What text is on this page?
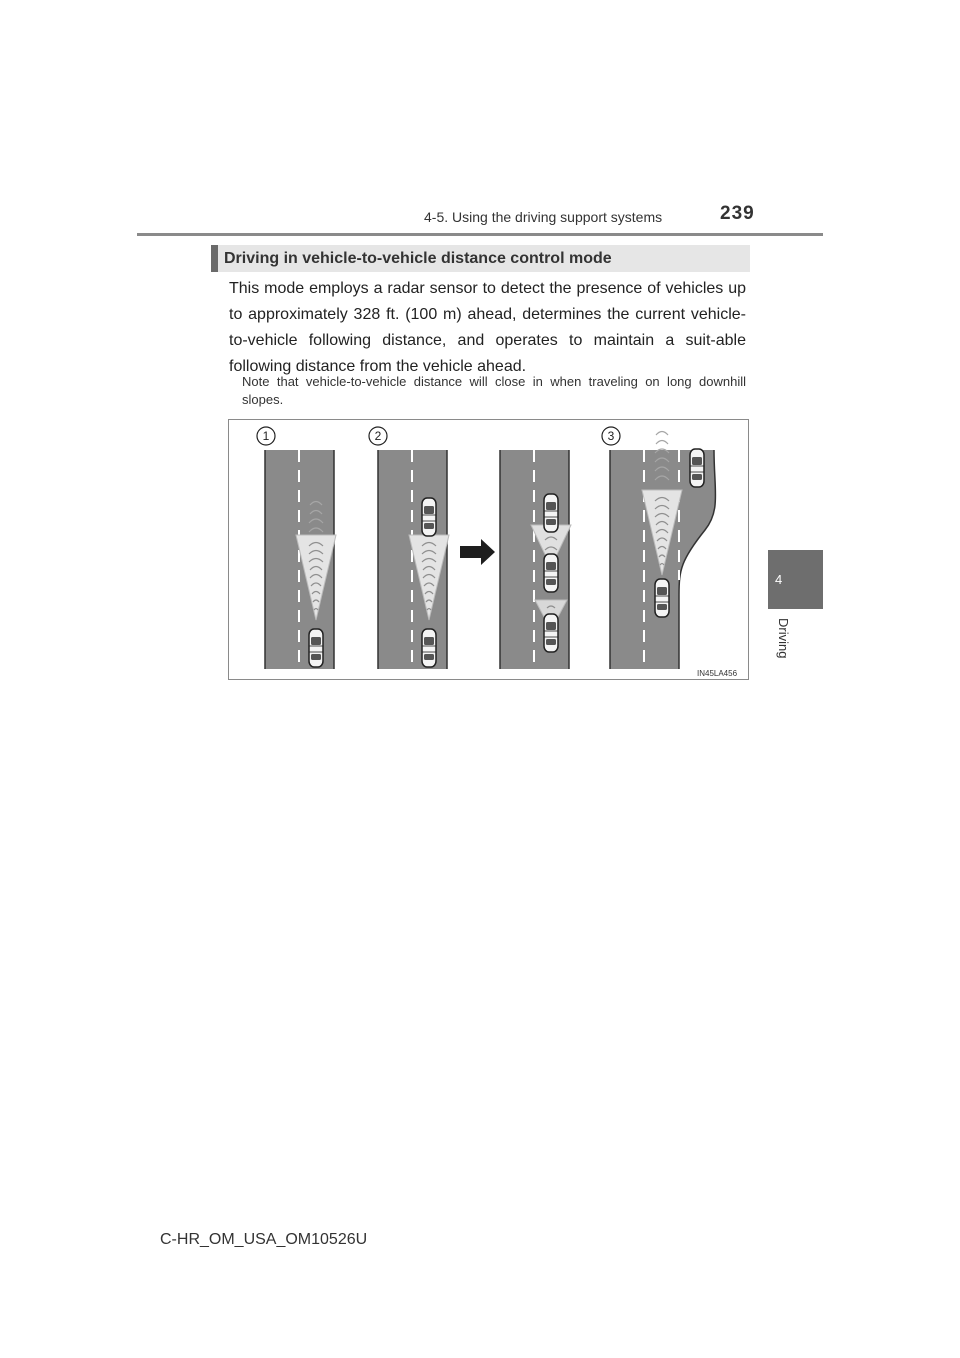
4-5. Using the driving support systems	239
4
Driving
Driving in vehicle-to-vehicle distance control mode
This mode employs a radar sensor to detect the presence of vehicles up to approximately 328 ft. (100 m) ahead, determines the current vehicle-to-vehicle following distance, and operates to maintain a suit-able following distance from the vehicle ahead.
Note that vehicle-to-vehicle distance will close in when traveling on long downhill slopes.
1	2	3
IN45LA456
C-HR_OM_USA_OM10526U
